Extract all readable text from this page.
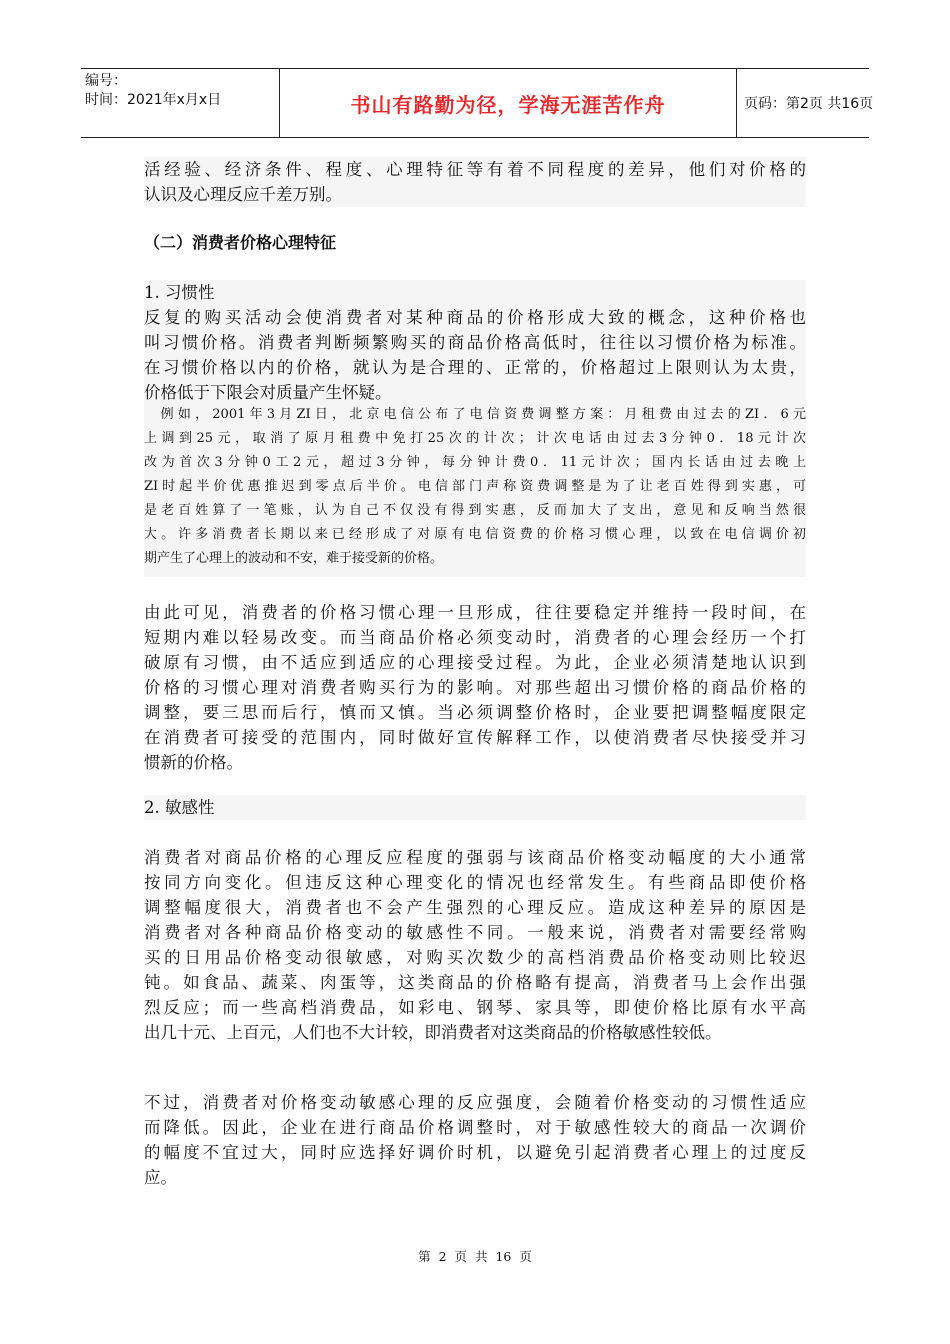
编号：
时间：2021年x月x日	书山有路勤为径，学海无涯苦作舟	页码：第2页 共16页
活经验、经济条件、程度、心理特征等有着不同程度的差异，他们对价格的
认识及心理反应千差万别。
（二）消费者价格心理特征
1. 习惯性
反复的购买活动会使消费者对某种商品的价格形成大致的概念，这种价格也
叫习惯价格。消费者判断频繁购买的商品价格高低时，往往以习惯价格为标准。
在习惯价格以内的价格，就认为是合理的、正常的，价格超过上限则认为太贵，
价格低于下限会对质量产生怀疑。
例如，2001年3月ZI日，北京电信公布了电信资费调整方案：月租费由过去的ZI．6元
上调到25元，取消了原月租费中免打25次的计次；计次电话由过去3分钟0．18元计次
改为首次3分钟0工2元，超过3分钟，每分钟计费0．11元计次；国内长话由过去晚上
ZI时起半价优惠推迟到零点后半价。电信部门声称资费调整是为了让老百姓得到实惠，可
是老百姓算了一笔账，认为自己不仅没有得到实惠，反而加大了支出，意见和反响当然很
大。许多消费者长期以来已经形成了对原有电信资费的价格习惯心理，以致在电信调价初
期产生了心理上的波动和不安，难于接受新的价格。
由此可见，消费者的价格习惯心理一旦形成，往往要稳定并维持一段时间，在
短期内难以轻易改变。而当商品价格必须变动时，消费者的心理会经历一个打
破原有习惯，由不适应到适应的心理接受过程。为此，企业必须清楚地认识到
价格的习惯心理对消费者购买行为的影响。对那些超出习惯价格的商品价格的
调整，要三思而后行，慎而又慎。当必须调整价格时，企业要把调整幅度限定
在消费者可接受的范围内，同时做好宣传解释工作，以使消费者尽快接受并习
惯新的价格。
2. 敏感性
消费者对商品价格的心理反应程度的强弱与该商品价格变动幅度的大小通常
按同方向变化。但违反这种心理变化的情况也经常发生。有些商品即使价格
调整幅度很大，消费者也不会产生强烈的心理反应。造成这种差异的原因是
消费者对各种商品价格变动的敏感性不同。一般来说，消费者对需要经常购
买的日用品价格变动很敏感，对购买次数少的高档消费品价格变动则比较迟
钝。如食品、蔬菜、肉蛋等，这类商品的价格略有提高，消费者马上会作出强
烈反应；而一些高档消费品，如彩电、钢琴、家具等，即使价格比原有水平高
出几十元、上百元，人们也不大计较，即消费者对这类商品的价格敏感性较低。
不过，消费者对价格变动敏感心理的反应强度，会随着价格变动的习惯性适应
而降低。因此，企业在进行商品价格调整时，对于敏感性较大的商品一次调价
的幅度不宜过大，同时应选择好调价时机，以避免引起消费者心理上的过度反
应。
第 2 页 共 16 页
